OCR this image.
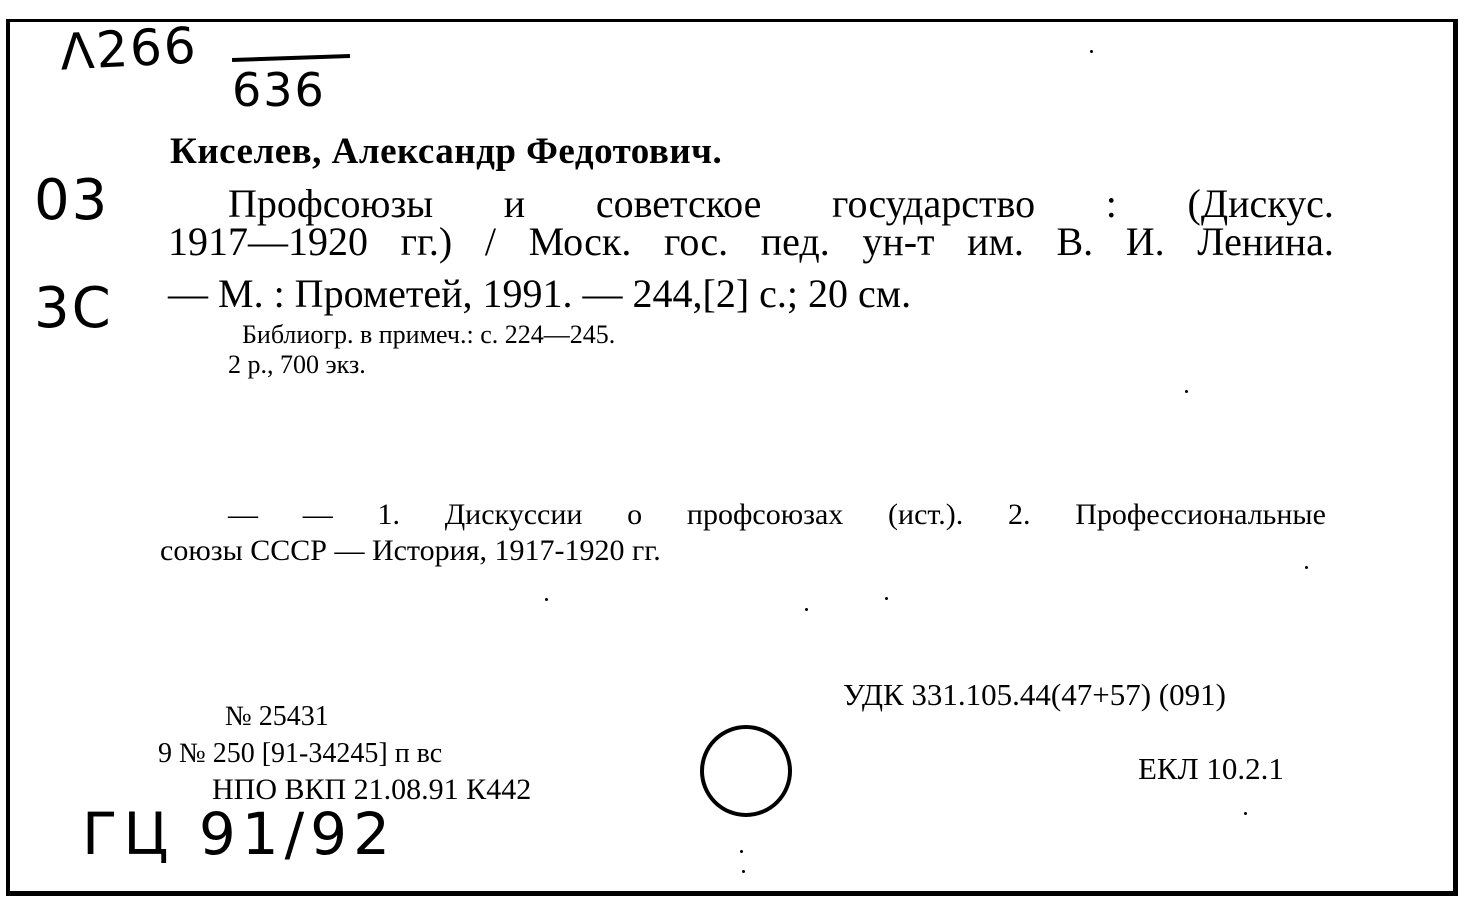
Λ266
636
03
3C

Киселев, Александр Федотович.

Профсоюзы и советское государство : (Дискус.
1917—1920 гг.) / Моск. гос. пед. ун-т им. В. И. Ленина.

— М. : Прометей, 1991. — 244,[2] с.; 20 см.

Библиогр. в примеч.: с. 224—245.

2 р., 700 экз.

— — 1. Дискуссии о профсоюзах (ист.). 2. Профессиональные

союзы СССР — История, 1917-1920 гг.

УДК 331.105.44(47+57) (091)

ЕКЛ 10.2.1

№ 25431

9 № 250 [91-34245] п вс

НПО ВКП 21.08.91 К442

ГЦ 91/92
